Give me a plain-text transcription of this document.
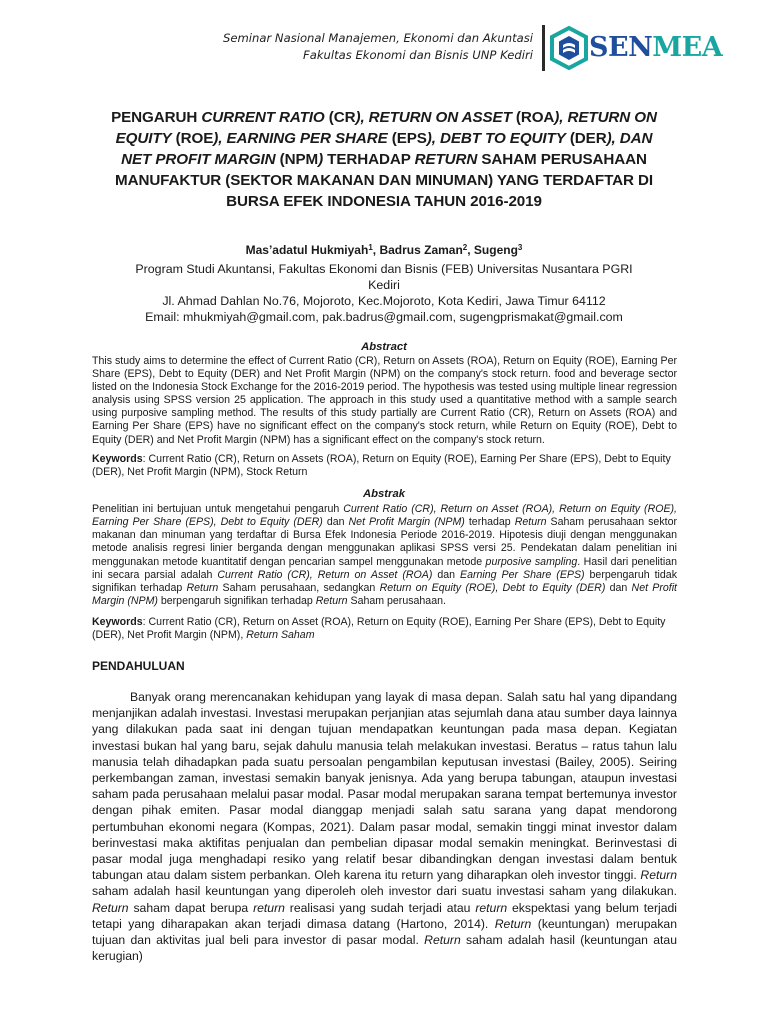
Seminar Nasional Manajemen, Ekonomi dan Akuntasi
Fakultas Ekonomi dan Bisnis UNP Kediri SENMEA
PENGARUH CURRENT RATIO (CR), RETURN ON ASSET (ROA), RETURN ON EQUITY (ROE), EARNING PER SHARE (EPS), DEBT TO EQUITY (DER), DAN NET PROFIT MARGIN (NPM) TERHADAP RETURN SAHAM PERUSAHAAN MANUFAKTUR (SEKTOR MAKANAN DAN MINUMAN) YANG TERDAFTAR DI BURSA EFEK INDONESIA TAHUN 2016-2019
Mas’adatul Hukmiyah$^1$, Badrus Zaman$^2$, Sugeng$^3$
Program Studi Akuntansi, Fakultas Ekonomi dan Bisnis (FEB) Universitas Nusantara PGRI
Kediri
Jl. Ahmad Dahlan No.76, Mojoroto, Kec.Mojoroto, Kota Kediri, Jawa Timur 64112
Email: mhukmiyah@gmail.com, pak.badrus@gmail.com, sugengprismakat@gmail.com
Abstract
This study aims to determine the effect of Current Ratio (CR), Return on Assets (ROA), Return on Equity (ROE), Earning Per Share (EPS), Debt to Equity (DER) and Net Profit Margin (NPM) on the company's stock return. food and beverage sector listed on the Indonesia Stock Exchange for the 2016-2019 period. The hypothesis was tested using multiple linear regression analysis using SPSS version 25 application. The approach in this study used a quantitative method with a sample search using purposive sampling method. The results of this study partially are Current Ratio (CR), Return on Assets (ROA) and Earning Per Share (EPS) have no significant effect on the company's stock return, while Return on Equity (ROE), Debt to Equity (DER) and Net Profit Margin (NPM) has a significant effect on the company's stock return.
Keywords: Current Ratio (CR), Return on Assets (ROA), Return on Equity (ROE), Earning Per Share (EPS), Debt to Equity (DER), Net Profit Margin (NPM), Stock Return
Abstrak
Penelitian ini bertujuan untuk mengetahui pengaruh Current Ratio (CR), Return on Asset (ROA), Return on Equity (ROE), Earning Per Share (EPS), Debt to Equity (DER) dan Net Profit Margin (NPM) terhadap Return Saham perusahaan sektor makanan dan minuman yang terdaftar di Bursa Efek Indonesia Periode 2016-2019. Hipotesis diuji dengan menggunakan metode analisis regresi linier berganda dengan menggunakan aplikasi SPSS versi 25. Pendekatan dalam penelitian ini menggunakan metode kuantitatif dengan pencarian sampel menggunakan metode purposive sampling. Hasil dari penelitian ini secara parsial adalah Current Ratio (CR), Return on Asset (ROA) dan Earning Per Share (EPS) berpengaruh tidak signifikan terhadap Return Saham perusahaan, sedangkan Return on Equity (ROE), Debt to Equity (DER) dan Net Profit Margin (NPM) berpengaruh signifikan terhadap Return Saham perusahaan.
Keywords: Current Ratio (CR), Return on Asset (ROA), Return on Equity (ROE), Earning Per Share (EPS), Debt to Equity (DER), Net Profit Margin (NPM), Return Saham
PENDAHULUAN
Banyak orang merencanakan kehidupan yang layak di masa depan. Salah satu hal yang dipandang menjanjikan adalah investasi. Investasi merupakan perjanjian atas sejumlah dana atau sumber daya lainnya yang dilakukan pada saat ini dengan tujuan mendapatkan keuntungan pada masa depan. Kegiatan investasi bukan hal yang baru, sejak dahulu manusia telah melakukan investasi. Beratus – ratus tahun lalu manusia telah dihadapkan pada suatu persoalan pengambilan keputusan investasi (Bailey, 2005). Seiring perkembangan zaman, investasi semakin banyak jenisnya. Ada yang berupa tabungan, ataupun investasi saham pada perusahaan melalui pasar modal. Pasar modal merupakan sarana tempat bertemunya investor dengan pihak emiten. Pasar modal dianggap menjadi salah satu sarana yang dapat mendorong pertumbuhan ekonomi negara (Kompas, 2021). Dalam pasar modal, semakin tinggi minat investor dalam berinvestasi maka aktifitas penjualan dan pembelian dipasar modal semakin meningkat. Berinvestasi di pasar modal juga menghadapi resiko yang relatif besar dibandingkan dengan investasi dalam bentuk tabungan atau dalam sistem perbankan. Oleh karena itu return yang diharapkan oleh investor tinggi. Return saham adalah hasil keuntungan yang diperoleh oleh investor dari suatu investasi saham yang dilakukan. Return saham dapat berupa return realisasi yang sudah terjadi atau return ekspektasi yang belum terjadi tetapi yang diharapakan akan terjadi dimasa datang (Hartono, 2014). Return (keuntungan) merupakan tujuan dan aktivitas jual beli para investor di pasar modal. Return saham adalah hasil (keuntungan atau kerugian)
